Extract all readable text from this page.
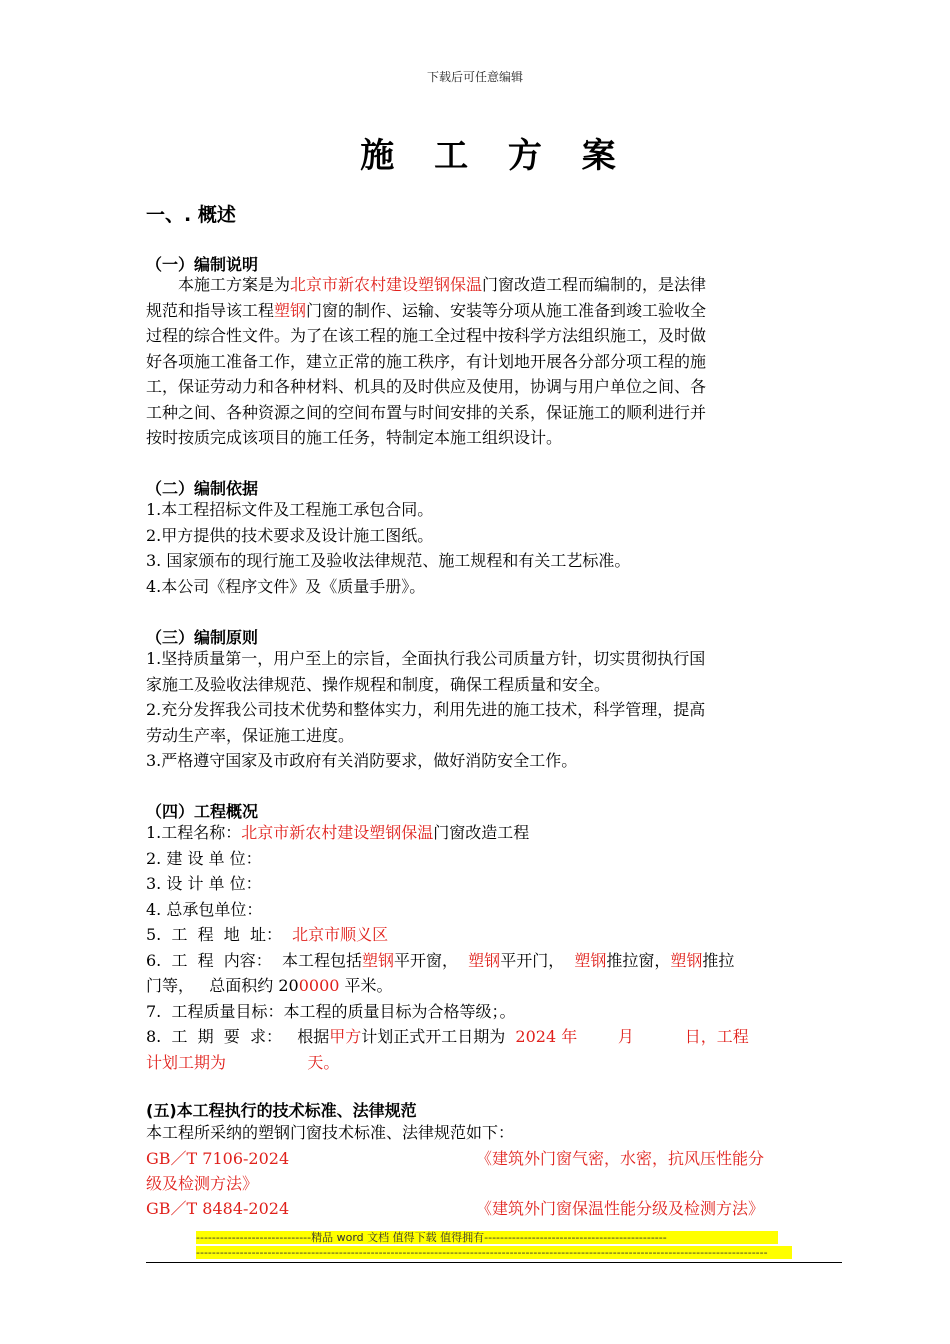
下载后可任意编辑
施 工 方 案
一、. 概述
（一）编制说明
本施工方案是为北京市新农村建设塑钢保温门窗改造工程而编制的，是法律
规范和指导该工程塑钢门窗的制作、运输、安装等分项从施工准备到竣工验收全
过程的综合性文件。为了在该工程的施工全过程中按科学方法组织施工，及时做
好各项施工准备工作，建立正常的施工秩序，有计划地开展各分部分项工程的施
工，保证劳动力和各种材料、机具的及时供应及使用，协调与用户单位之间、各
工种之间、各种资源之间的空间布置与时间安排的关系，保证施工的顺利进行并
按时按质完成该项目的施工任务，特制定本施工组织设计。
（二）编制依据
1.本工程招标文件及工程施工承包合同。
2.甲方提供的技术要求及设计施工图纸。
3. 国家颁布的现行施工及验收法律规范、施工规程和有关工艺标准。
4.本公司《程序文件》及《质量手册》。
（三）编制原则
1.坚持质量第一，用户至上的宗旨，全面执行我公司质量方针，切实贯彻执行国
家施工及验收法律规范、操作规程和制度，确保工程质量和安全。
2.充分发挥我公司技术优势和整体实力，利用先进的施工技术，科学管理，提高
劳动生产率，保证施工进度。
3.严格遵守国家及市政府有关消防要求，做好消防安全工作。
（四）工程概况
1.工程名称：北京市新农村建设塑钢保温门窗改造工程
2. 建 设 单 位：
3. 设 计 单 位：
4. 总承包单位：
5.  工  程  地  址：  北京市顺义区
6.  工  程  内容：  本工程包括塑钢平开窗，  塑钢平开门，  塑钢推拉窗，塑钢推拉
门等，   总面积约 200000 平米。
7.  工程质量目标：本工程的质量目标为合格等级；。
8.  工  期  要  求：   根据甲方计划正式开工日期为  2024 年        月          日，工程
计划工期为                天。
(五)本工程执行的技术标准、法律规范
本工程所采纳的塑钢门窗技术标准、法律规范如下：
GB／T 7106-2024	《建筑外门窗气密，水密，抗风压性能分
级及检测方法》
GB／T 8484-2024	《建筑外门窗保温性能分级及检测方法》
-----------------------------精品 word 文档 值得下载 值得拥有----------------------------------------------
------------------------------------------------------------------------------------------------------------------------------------------------
